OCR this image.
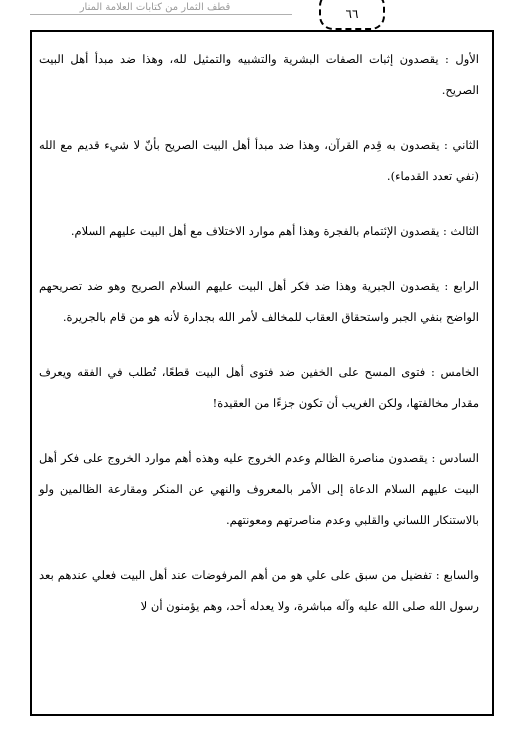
قطف الثمار من كتابات العلامة المنار	٦٦

الأول : يقصدون إثبات الصفات البشرية والتشبيه والتمثيل لله، وهذا ضد مبدأ أهل البيت الصريح.

الثاني : يقصدون به قِدم القرآن، وهذا ضد مبدأ أهل البيت الصريح بأنّ لا شيء قديم مع الله (نفي تعدد القدماء).

الثالث : يقصدون الإئتمام بالفجرة وهذا أهم موارد الاختلاف مع أهل البيت عليهم السلام.

الرابع : يقصدون الجبرية وهذا ضد فكر أهل البيت عليهم السلام الصريح وهو ضد تصريحهم الواضح بنفي الجبر واستحقاق العقاب للمخالف لأمر الله بجدارة لأنه هو من قام بالجريرة.

الخامس : فتوى المسح على الخفين ضد فتوى أهل البيت قطعًا، تُطلب في الفقه ويعرف مقدار مخالفتها، ولكن الغريب أن تكون جزءًا من العقيدة!

السادس : يقصدون مناصرة الظالم وعدم الخروج عليه وهذه أهم موارد الخروج على فكر أهل البيت عليهم السلام الدعاة إلى الأمر بالمعروف والنهي عن المنكر ومقارعة الظالمين ولو بالاستنكار اللساني والقلبي وعدم مناصرتهم ومعونتهم.

والسابع : تفضيل من سبق على علي هو من أهم المرفوضات عند أهل البيت فعلي عندهم بعد رسول الله صلى الله عليه وآله مباشرة، ولا يعدله أحد، وهم يؤمنون أن لا
